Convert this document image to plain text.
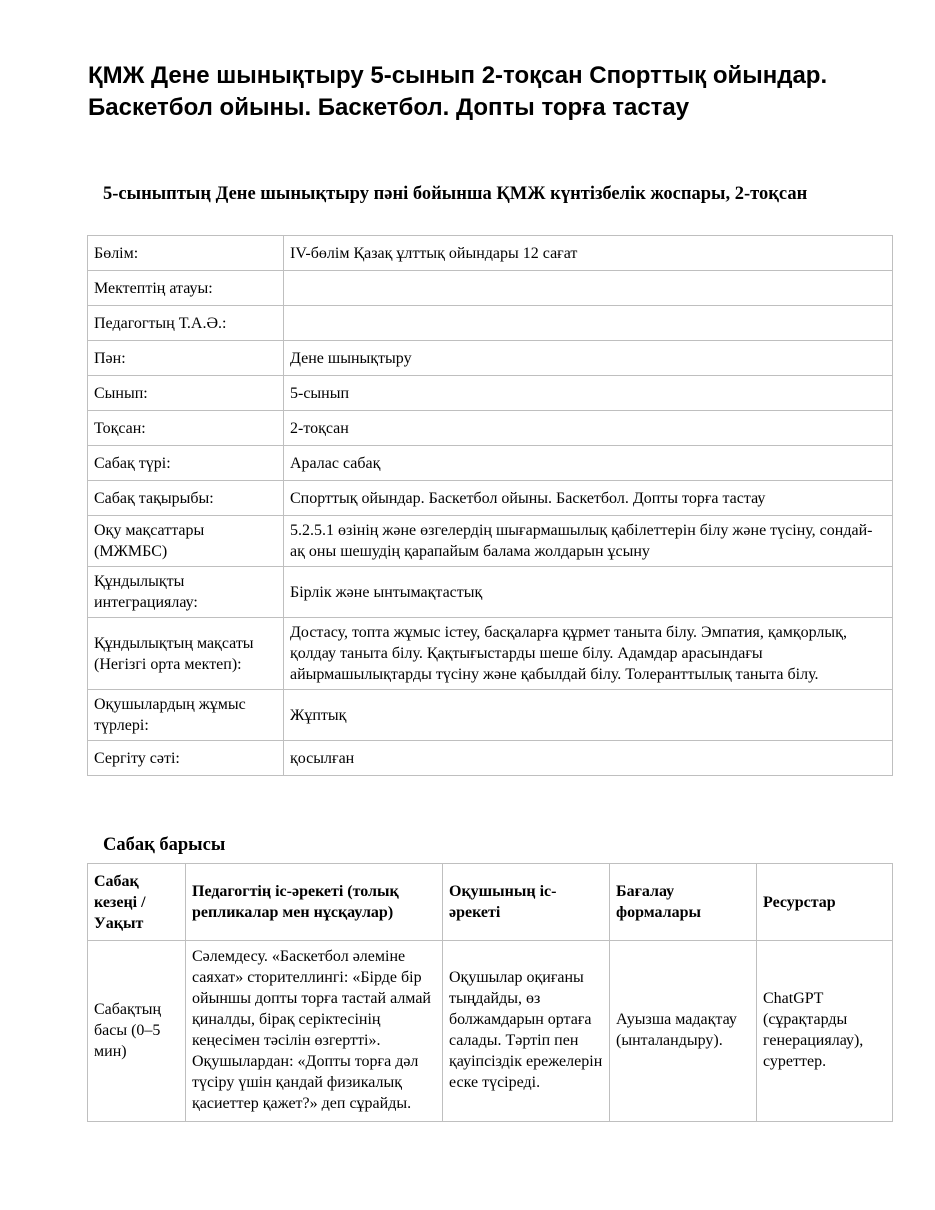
ҚМЖ Дене шынықтыру 5-сынып 2-тоқсан Спорттық ойындар. Баскетбол ойыны. Баскетбол. Допты торға тастау
5-сыныптың Дене шынықтыру пәні бойынша ҚМЖ күнтізбелік жоспары, 2-тоқсан
Бөлім:	IV-бөлім Қазақ ұлттық ойындары 12 сағат
Мектептің атауы:	
Педагогтың Т.А.Ә.:	
Пән:	Дене шынықтыру
Сынып:	5-сынып
Тоқсан:	2-тоқсан
Сабақ түрі:	Аралас сабақ
Сабақ тақырыбы:	Спорттық ойындар. Баскетбол ойыны. Баскетбол. Допты торға тастау
Оқу мақсаттары (МЖМБС)	5.2.5.1 өзінің және өзгелердің шығармашылық қабілеттерін білу және түсіну, сондай-ақ оны шешудің қарапайым балама жолдарын ұсыну
Құндылықты интеграциялау:	Бірлік және ынтымақтастық
Құндылықтың мақсаты (Негізгі орта мектеп):	Достасу, топта жұмыс істеу, басқаларға құрмет таныта білу. Эмпатия, қамқорлық, қолдау таныта білу. Қақтығыстарды шеше білу. Адамдар арасындағы айырмашылықтарды түсіну және қабылдай білу. Толеранттылық таныта білу.
Оқушылардың жұмыс түрлері:	Жұптық
Сергіту сәті:	қосылған
Сабақ барысы
Сабақ кезеңі / Уақыт	Педагогтің іс-әрекеті (толық репликалар мен нұсқаулар)	Оқушының іс-әрекеті	Бағалау формалары	Ресурстар
Сабақтың басы (0–5 мин)	Сәлемдесу. «Баскетбол әлеміне саяхат» сторителлингі: «Бірде бір ойыншы допты торға тастай алмай қиналды, бірақ серіктесінің кеңесімен тәсілін өзгертті». Оқушылардан: «Допты торға дәл түсіру үшін қандай физикалық қасиеттер қажет?» деп сұрайды.	Оқушылар оқиғаны тыңдайды, өз болжамдарын ортаға салады. Тәртіп пен қауіпсіздік ережелерін еске түсіреді.	Ауызша мадақтау (ынталандыру).	ChatGPT (сұрақтарды генерациялау), суреттер.
